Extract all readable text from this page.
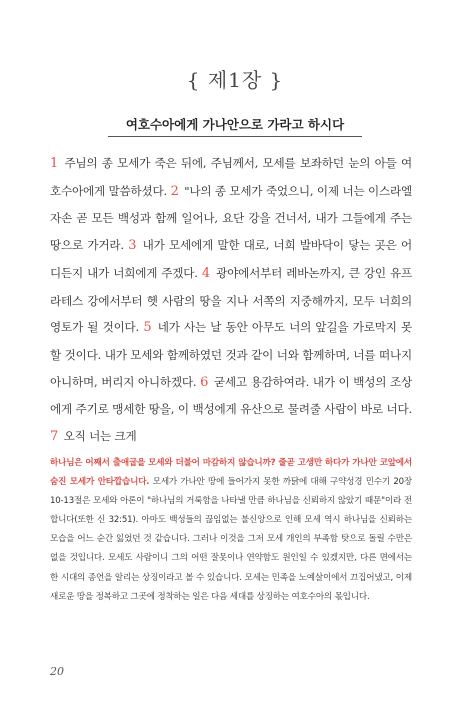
{ 제1장 }
여호수아에게 가나안으로 가라고 하시다
1 주님의 종 모세가 죽은 뒤에, 주님께서, 모세를 보좌하던 눈의 아들 여호수아에게 말씀하셨다. 2 "나의 종 모세가 죽었으니, 이제 너는 이스라엘 자손 곧 모든 백성과 함께 일어나, 요단 강을 건너서, 내가 그들에게 주는 땅으로 가거라. 3 내가 모세에게 말한 대로, 너희 발바닥이 닿는 곳은 어디든지 내가 너희에게 주겠다. 4 광야에서부터 레바논까지, 큰 강인 유프라테스 강에서부터 헷 사람의 땅을 지나 서쪽의 지중해까지, 모두 너희의 영토가 될 것이다. 5 네가 사는 날 동안 아무도 너의 앞길을 가로막지 못할 것이다. 내가 모세와 함께하였던 것과 같이 너와 함께하며, 너를 떠나지 아니하며, 버리지 아니하겠다. 6 굳세고 용감하여라. 내가 이 백성의 조상에게 주기로 맹세한 땅을, 이 백성에게 유산으로 물려줄 사람이 바로 너다. 7 오직 너는 크게
하나님은 어째서 출애굽을 모세와 더불어 마감하지 않습니까? 줄곧 고생만 하다가 가나안 코앞에서 숨진 모세가 안타깝습니다. 모세가 가나안 땅에 들어가지 못한 까닭에 대해 구약성경 민수기 20장 10-13절은 모세와 아론이 "하나님의 거룩함을 나타낼 만큼 하나님을 신뢰하지 않았기 때문"이라 전합니다(또한 신 32:51). 아마도 백성들의 끊임없는 불신앙으로 인해 모세 역시 하나님을 신뢰하는 모습을 어느 순간 잃었던 것 같습니다. 그러나 이것을 그저 모세 개인의 부족함 탓으로 돌릴 수만은 없을 것입니다. 모세도 사람이니 그의 어떤 잘못이나 연약함도 원인일 수 있겠지만, 다른 면에서는 한 시대의 종언을 알리는 상징이라고 볼 수 있습니다. 모세는 민족을 노예살이에서 끄집어냈고, 이제 새로운 땅을 정복하고 그곳에 정착하는 일은 다음 세대를 상징하는 여호수아의 몫입니다.
20
